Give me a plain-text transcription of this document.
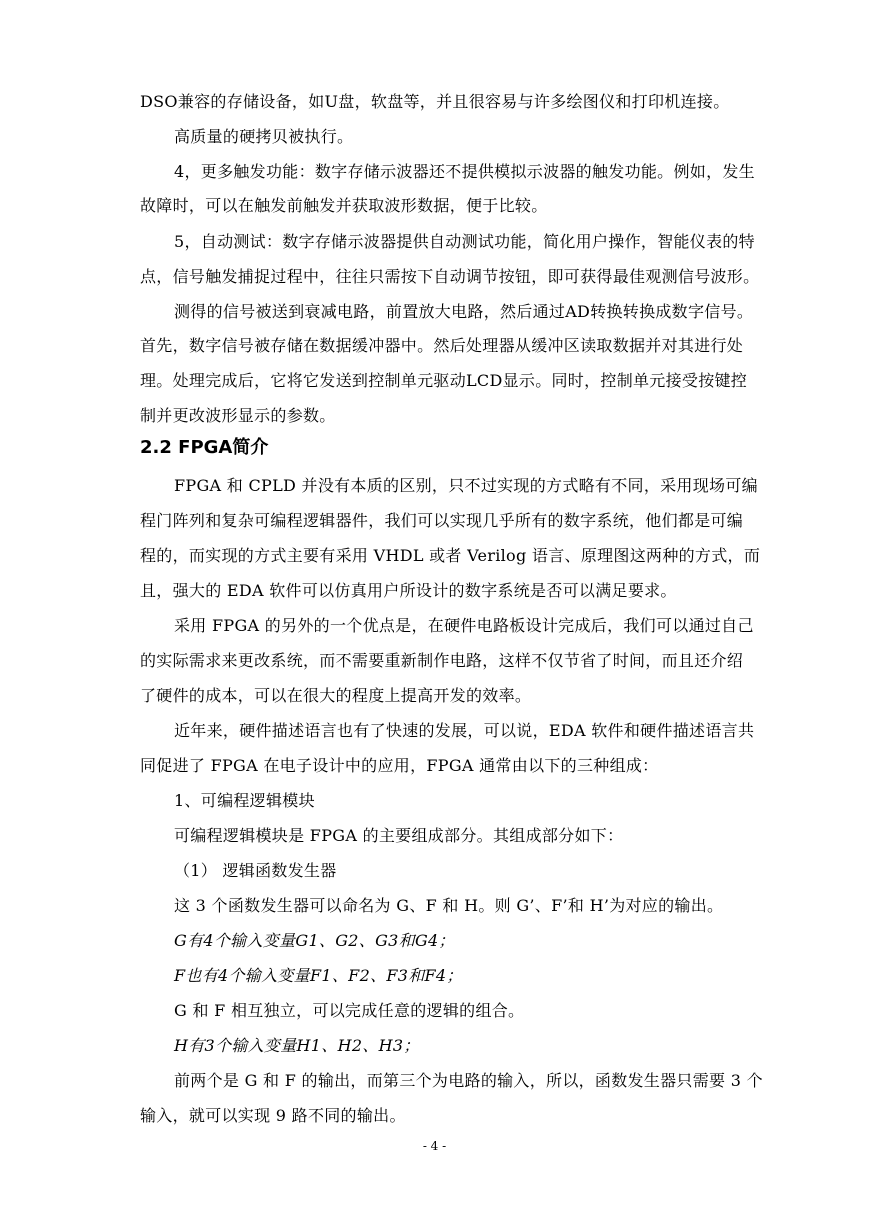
DSO兼容的存储设备，如U盘，软盘等，并且很容易与许多绘图仪和打印机连接。
高质量的硬拷贝被执行。
4，更多触发功能：数字存储示波器还不提供模拟示波器的触发功能。例如，发生
故障时，可以在触发前触发并获取波形数据，便于比较。
5，自动测试：数字存储示波器提供自动测试功能，简化用户操作，智能仪表的特
点，信号触发捕捉过程中，往往只需按下自动调节按钮，即可获得最佳观测信号波形。
测得的信号被送到衰减电路，前置放大电路，然后通过AD转换转换成数字信号。
首先，数字信号被存储在数据缓冲器中。然后处理器从缓冲区读取数据并对其进行处
理。处理完成后，它将它发送到控制单元驱动LCD显示。同时，控制单元接受按键控
制并更改波形显示的参数。
2.2 FPGA简介
FPGA 和 CPLD 并没有本质的区别，只不过实现的方式略有不同，采用现场可编
程门阵列和复杂可编程逻辑器件，我们可以实现几乎所有的数字系统，他们都是可编
程的，而实现的方式主要有采用 VHDL 或者 Verilog 语言、原理图这两种的方式，而
且，强大的 EDA 软件可以仿真用户所设计的数字系统是否可以满足要求。
采用 FPGA 的另外的一个优点是，在硬件电路板设计完成后，我们可以通过自己
的实际需求来更改系统，而不需要重新制作电路，这样不仅节省了时间，而且还介绍
了硬件的成本，可以在很大的程度上提高开发的效率。
近年来，硬件描述语言也有了快速的发展，可以说，EDA 软件和硬件描述语言共
同促进了 FPGA 在电子设计中的应用，FPGA 通常由以下的三种组成：
1、可编程逻辑模块
可编程逻辑模块是 FPGA 的主要组成部分。其组成部分如下：
（1） 逻辑函数发生器
这 3 个函数发生器可以命名为 G、F 和 H。则 G’、F’和 H’为对应的输出。
G有4个输入变量G1、G2、G3和G4；
F也有4个输入变量F1、F2、F3和F4；
G 和 F 相互独立，可以完成任意的逻辑的组合。
H有3个输入变量H1、H2、H3；
前两个是 G 和 F 的输出，而第三个为电路的输入，所以，函数发生器只需要 3 个
输入，就可以实现 9 路不同的输出。
- 4 -
